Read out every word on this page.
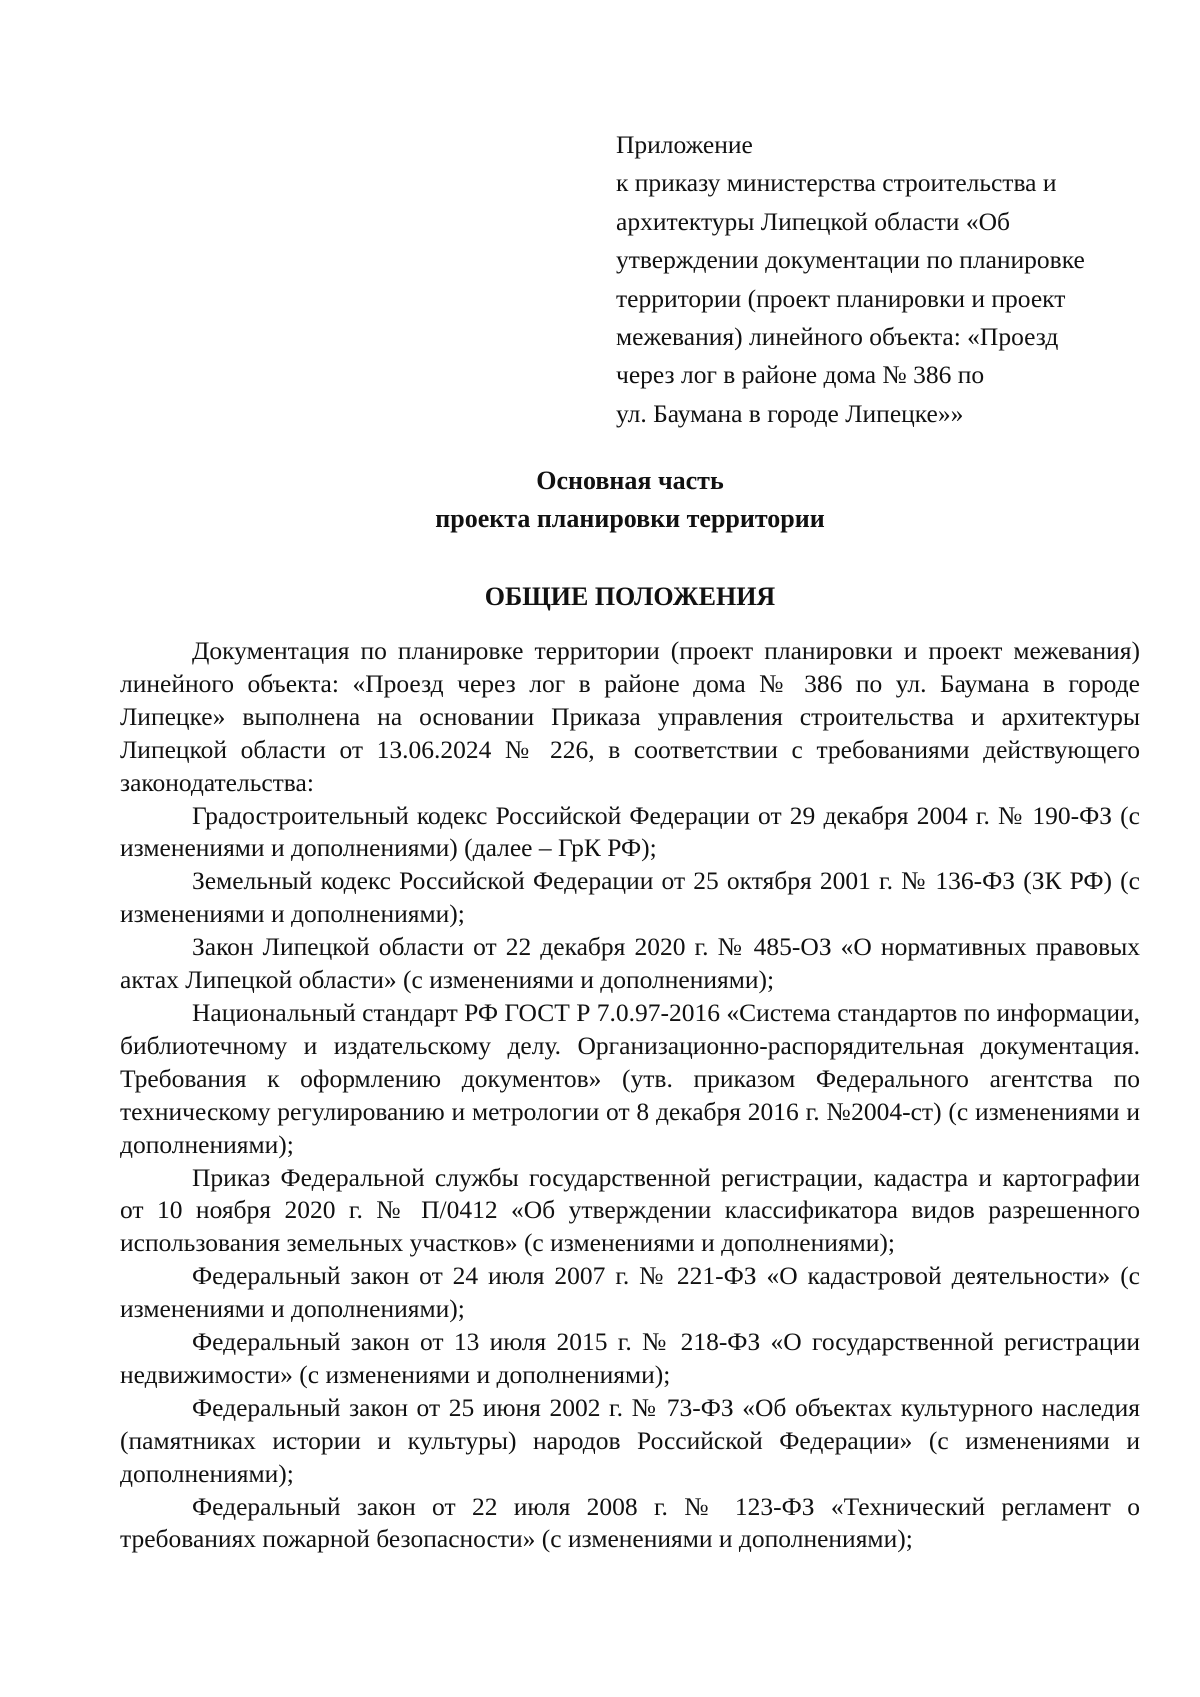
Приложение
к приказу министерства строительства и
архитектуры Липецкой области «Об
утверждении документации по планировке
территории (проект планировки и проект
межевания) линейного объекта: «Проезд
через лог в районе дома № 386 по
ул. Баумана в городе Липецке»»
Основная часть
проекта планировки территории
ОБЩИЕ ПОЛОЖЕНИЯ

Документация по планировке территории (проект планировки и проект межевания) линейного объекта: «Проезд через лог в районе дома № 386 по ул. Баумана в городе Липецке» выполнена на основании Приказа управления строительства и архитектуры Липецкой области от 13.06.2024 № 226, в соответствии с требованиями действующего законодательства:

Градостроительный кодекс Российской Федерации от 29 декабря 2004 г. № 190-ФЗ (с изменениями и дополнениями) (далее – ГрК РФ);

Земельный кодекс Российской Федерации от 25 октября 2001 г. № 136-ФЗ (ЗК РФ) (с изменениями и дополнениями);

Закон Липецкой области от 22 декабря 2020 г. № 485-ОЗ «О нормативных правовых актах Липецкой области» (с изменениями и дополнениями);

Национальный стандарт РФ ГОСТ Р 7.0.97-2016 «Система стандартов по информации, библиотечному и издательскому делу. Организационно-распорядительная документация. Требования к оформлению документов» (утв. приказом Федерального агентства по техническому регулированию и метрологии от 8 декабря 2016 г. №2004-ст) (с изменениями и дополнениями);

Приказ Федеральной службы государственной регистрации, кадастра и картографии от 10 ноября 2020 г. № П/0412 «Об утверждении классификатора видов разрешенного использования земельных участков» (с изменениями и дополнениями);

Федеральный закон от 24 июля 2007 г. № 221-ФЗ «О кадастровой деятельности» (с изменениями и дополнениями);

Федеральный закон от 13 июля 2015 г. № 218-ФЗ «О государственной регистрации недвижимости» (с изменениями и дополнениями);

Федеральный закон от 25 июня 2002 г. № 73-ФЗ «Об объектах культурного наследия (памятниках истории и культуры) народов Российской Федерации» (с изменениями и дополнениями);

Федеральный закон от 22 июля 2008 г. № 123-ФЗ «Технический регламент о требованиях пожарной безопасности» (с изменениями и дополнениями);
